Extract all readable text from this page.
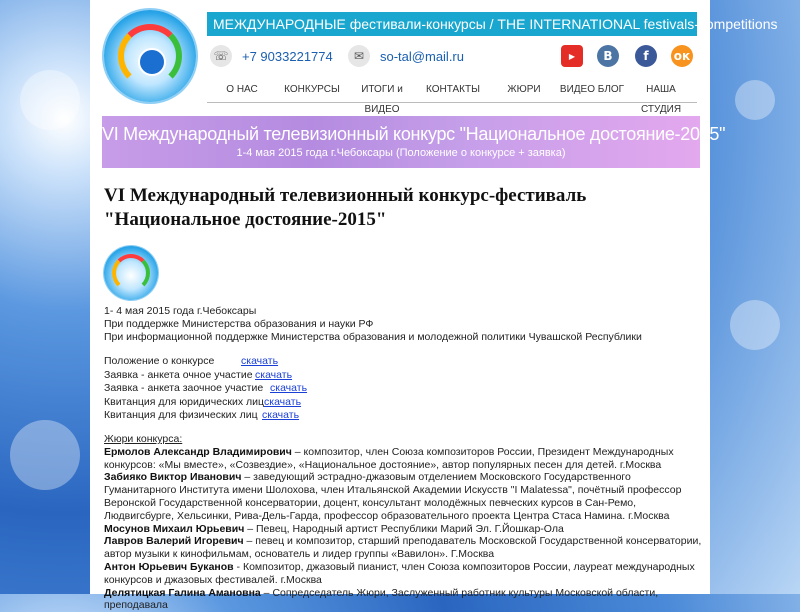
МЕЖДУНАРОДНЫЕ фестивали-конкурсы / THE INTERNATIONAL festivals-competitions
☏ +7 9033221774	✉	so-tal@mail.ru	▶	B	f	ок
О НАС	КОНКУРСЫ	ИТОГИ и ВИДЕО
КОНТАКТЫ	ЖЮРИ	ВИДЕО БЛОГ	НАША СТУДИЯ
VI Международный телевизионный конкурс "Национальное достояние-2015"
1-4 мая 2015 года г.Чебоксары (Положение о конкурсе + заявка)
VI Международный телевизионный конкурс-фестиваль "Национальное достояние-2015"
1- 4 мая 2015 года г.Чебоксары
При поддержке Министерства образования и науки РФ
При информационной поддержке Министерства образования и молодежной политики Чувашской Республики
Положение о конкурсе	скачать
Заявка - анкета очное участие скачать
Заявка - анкета заочное участие скачать
Квитанция для юридических лиц скачать
Квитанция для физических лиц скачать
Жюри конкурса:
Ермолов Александр Владимирович – композитор, член Союза композиторов России, Президент Международных конкурсов: «Мы вместе», «Созвездие», «Национальное достояние», автор популярных песен для детей. г.Москва
Забияко Виктор Иванович – заведующий эстрадно-джазовым отделением Московского Государственного Гуманитарного Института имени Шолохова, член Итальянской Академии Искусств "I Malatessa", почётный профессор Веронской Государственной консерватории, доцент, консультант молодёжных певческих курсов в Сан-Ремо, Людвигсбурге, Хельсинки, Рива-Дель-Гарда, профессор образовательного проекта Центра Стаса Намина. г.Москва
Мосунов Михаил Юрьевич – Певец, Народный артист Республики Марий Эл. Г.Йошкар-Ола
Лавров Валерий Игоревич – певец и композитор, старший преподаватель Московской Государственной консерватории, автор музыки к кинофильмам, основатель и лидер группы «Вавилон». Г.Москва
Антон Юрьевич Буканов - Композитор, джазовый пианист, член Союза композиторов России, лауреат международных конкурсов и джазовых фестивалей. г.Москва
Делятицкая Галина Амановна – Сопредседатель Жюри, Заслуженный работник культуры Московской области, преподавала
